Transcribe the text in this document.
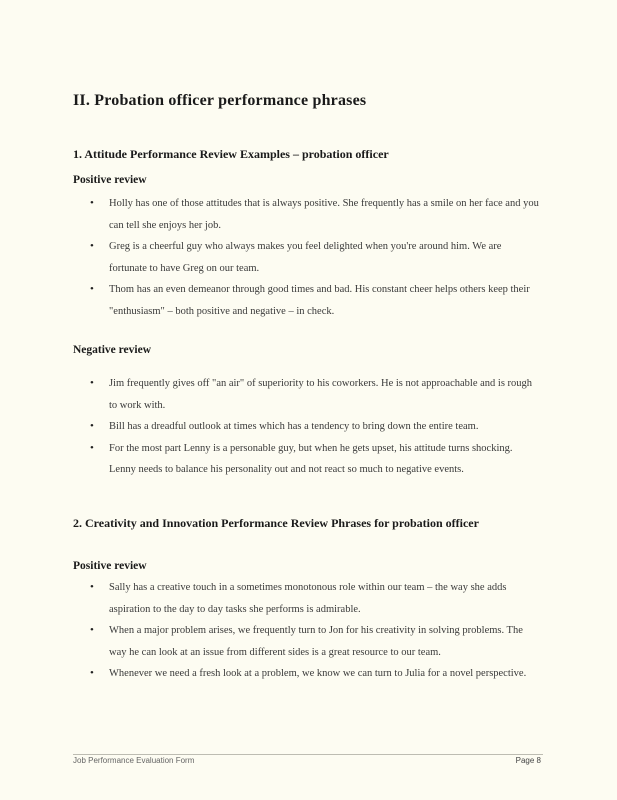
II. Probation officer performance phrases
1. Attitude Performance Review Examples – probation officer
Positive review
• Holly has one of those attitudes that is always positive. She frequently has a smile on her face and you can tell she enjoys her job.
• Greg is a cheerful guy who always makes you feel delighted when you're around him. We are fortunate to have Greg on our team.
• Thom has an even demeanor through good times and bad. His constant cheer helps others keep their "enthusiasm" – both positive and negative – in check.
Negative review
• Jim frequently gives off "an air" of superiority to his coworkers. He is not approachable and is rough to work with.
• Bill has a dreadful outlook at times which has a tendency to bring down the entire team.
• For the most part Lenny is a personable guy, but when he gets upset, his attitude turns shocking. Lenny needs to balance his personality out and not react so much to negative events.
2. Creativity and Innovation Performance Review Phrases for probation officer
Positive review
• Sally has a creative touch in a sometimes monotonous role within our team – the way she adds aspiration to the day to day tasks she performs is admirable.
• When a major problem arises, we frequently turn to Jon for his creativity in solving problems. The way he can look at an issue from different sides is a great resource to our team.
• Whenever we need a fresh look at a problem, we know we can turn to Julia for a novel perspective.
Job Performance Evaluation Form	Page 8
